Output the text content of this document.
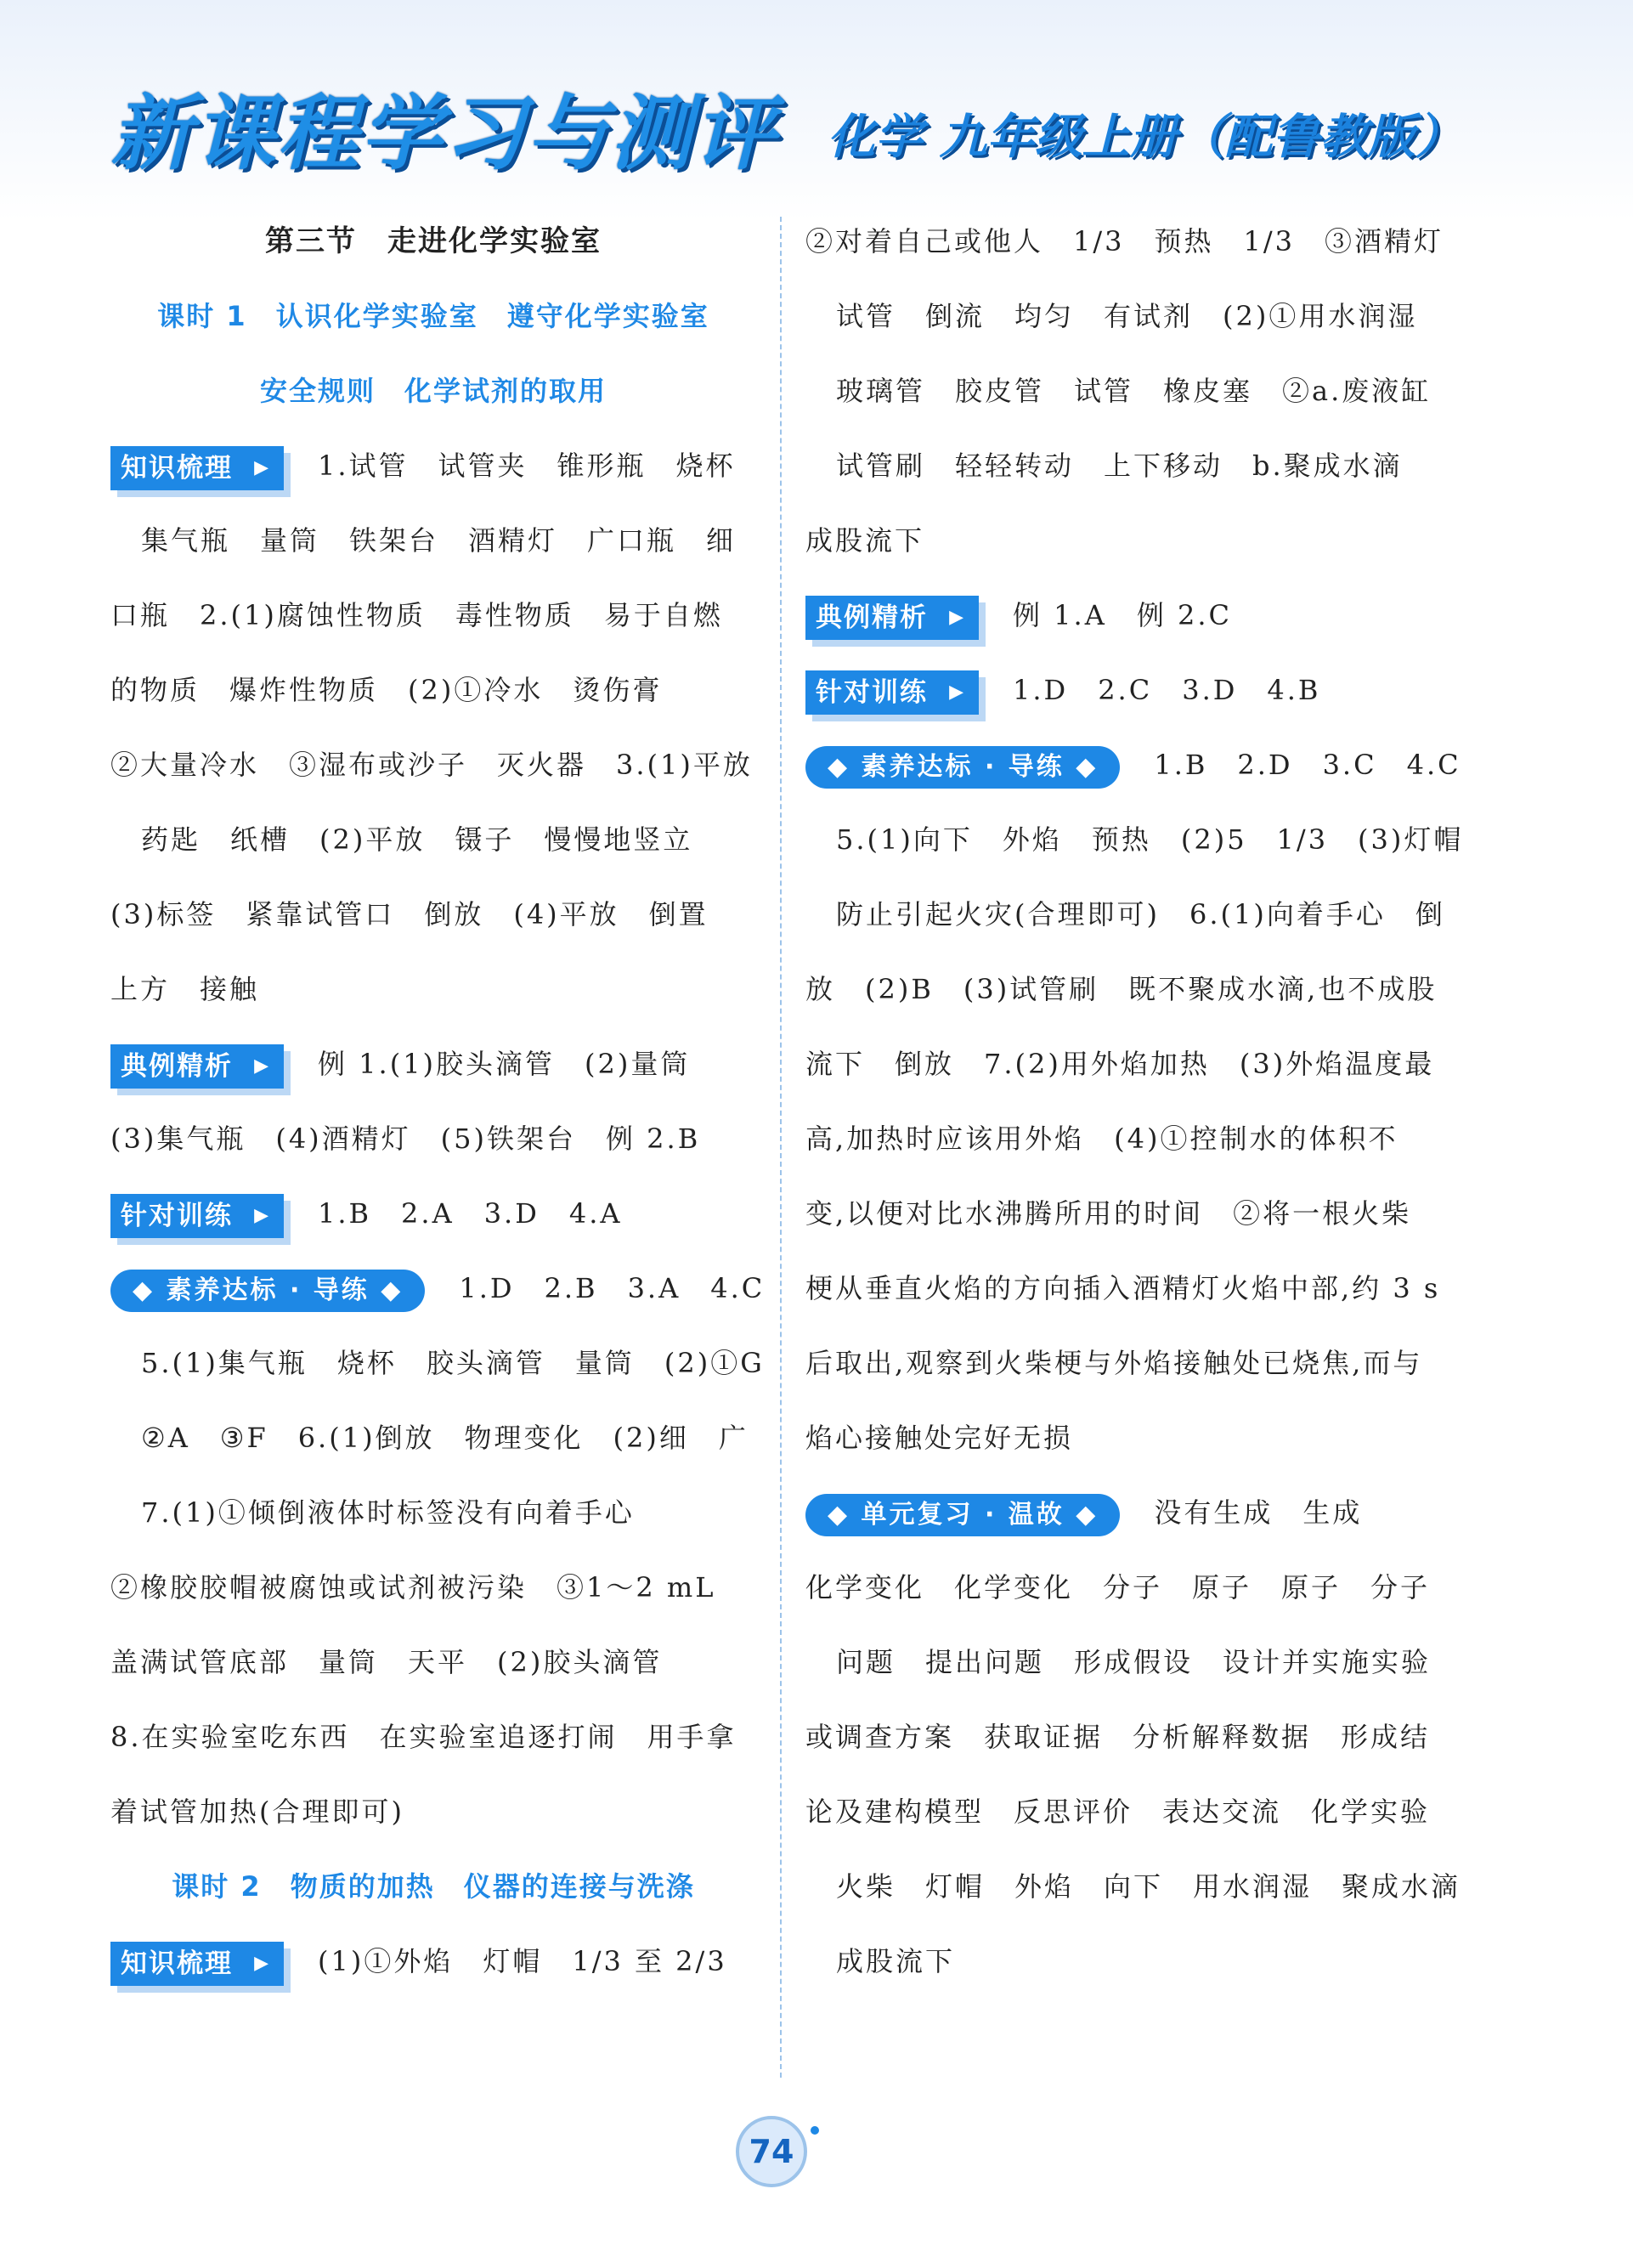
新课程学习与测评 化学 九年级上册（配鲁教版）
第三节　走进化学实验室
课时 1　认识化学实验室　遵守化学实验室
安全规则　化学试剂的取用
知识梳理 ▶ 1.试管　试管夹　锥形瓶　烧杯
集气瓶　量筒　铁架台　酒精灯　广口瓶　细
口瓶　2.(1)腐蚀性物质　毒性物质　易于自燃
的物质　爆炸性物质　(2)①冷水　烫伤膏
②大量冷水　③湿布或沙子　灭火器　3.(1)平放
药匙　纸槽　(2)平放　镊子　慢慢地竖立
(3)标签　紧靠试管口　倒放　(4)平放　倒置
上方　接触
典例精析 ▶ 例 1.(1)胶头滴管　(2)量筒
(3)集气瓶　(4)酒精灯　(5)铁架台　例 2.B
针对训练 ▶ 1.B　2.A　3.D　4.A
◆ 素养达标 · 导练 ◆ 1.D　2.B　3.A　4.C
5.(1)集气瓶　烧杯　胶头滴管　量筒　(2)①G
②A　③F　6.(1)倒放　物理变化　(2)细　广
7.(1)①倾倒液体时标签没有向着手心
②橡胶胶帽被腐蚀或试剂被污染　③1～2 mL
盖满试管底部　量筒　天平　(2)胶头滴管
8.在实验室吃东西　在实验室追逐打闹　用手拿
着试管加热(合理即可)
课时 2　物质的加热　仪器的连接与洗涤
知识梳理 ▶ (1)①外焰　灯帽　1/3 至 2/3
②对着自己或他人　1/3　预热　1/3　③酒精灯
试管　倒流　均匀　有试剂　(2)①用水润湿
玻璃管　胶皮管　试管　橡皮塞　②a.废液缸
试管刷　轻轻转动　上下移动　b.聚成水滴
成股流下
典例精析 ▶ 例 1.A　例 2.C
针对训练 ▶ 1.D　2.C　3.D　4.B
◆ 素养达标 · 导练 ◆ 1.B　2.D　3.C　4.C
5.(1)向下　外焰　预热　(2)5　1/3　(3)灯帽
防止引起火灾(合理即可)　6.(1)向着手心　倒
放　(2)B　(3)试管刷　既不聚成水滴,也不成股
流下　倒放　7.(2)用外焰加热　(3)外焰温度最
高,加热时应该用外焰　(4)①控制水的体积不
变,以便对比水沸腾所用的时间　②将一根火柴
梗从垂直火焰的方向插入酒精灯火焰中部,约 3 s
后取出,观察到火柴梗与外焰接触处已烧焦,而与
焰心接触处完好无损
◆ 单元复习 · 温故 ◆ 没有生成　生成
化学变化　化学变化　分子　原子　原子　分子
问题　提出问题　形成假设　设计并实施实验
或调查方案　获取证据　分析解释数据　形成结
论及建构模型　反思评价　表达交流　化学实验
火柴　灯帽　外焰　向下　用水润湿　聚成水滴
成股流下
74
